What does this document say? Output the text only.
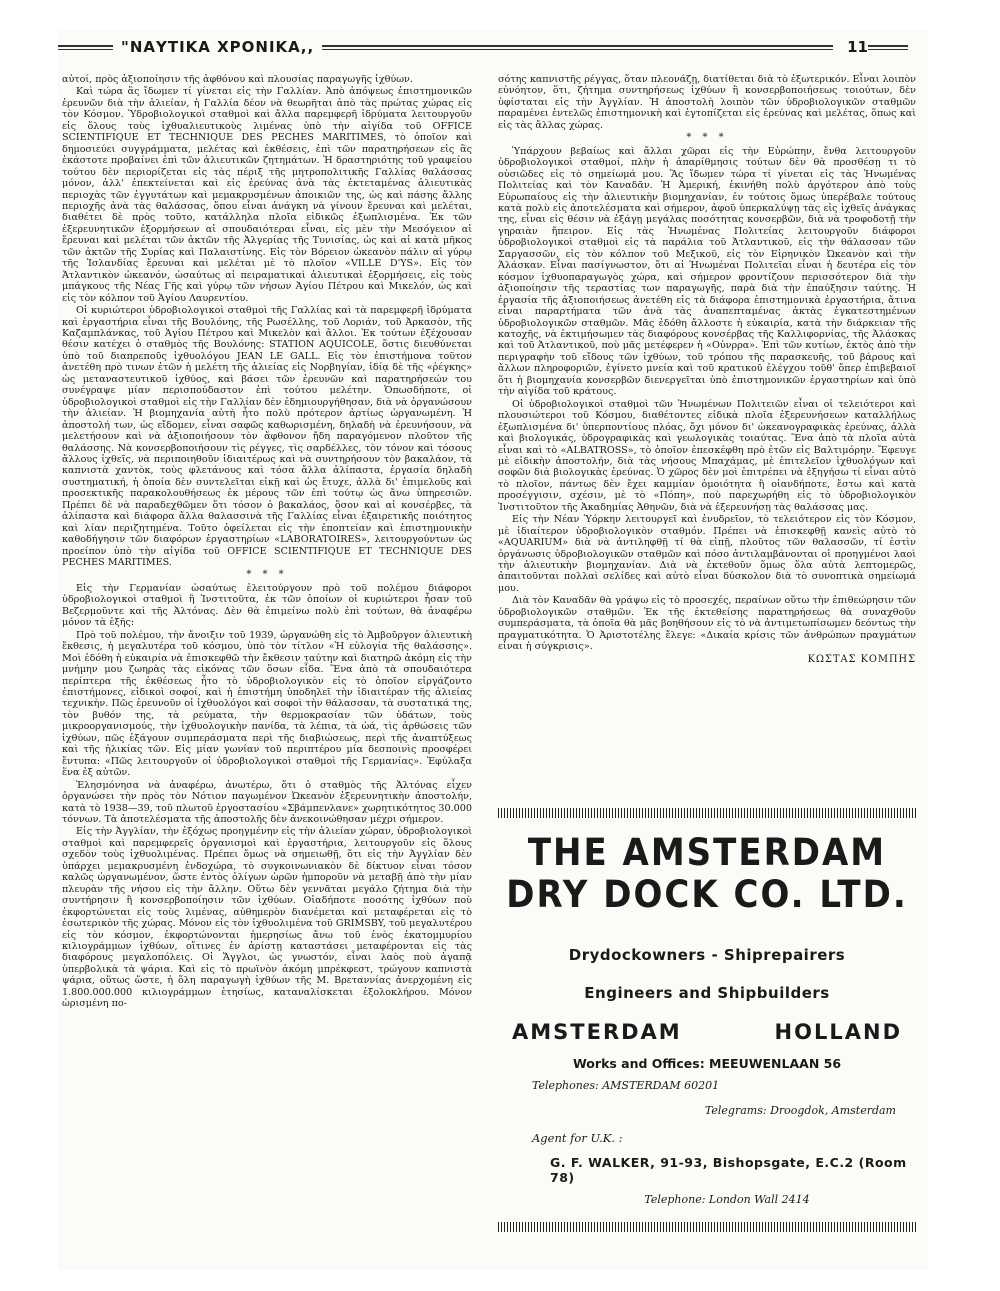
"ΝΑΥΤΙΚΑ ΧΡΟΝΙΚΑ,,	11

αὐτοί, πρὸς ἀξιοποίησιν τῆς ἀφθόνου καὶ πλουσίας παραγωγῆς ἰχθύων.

Καὶ τώρα ἂς ἴδωμεν τί γίνεται εἰς τὴν Γαλλίαν. Ἀπὸ ἀπόψεως ἐπιστημονικῶν ἐρευνῶν διὰ τὴν ἁλιείαν, ἡ Γαλλία δέον νὰ θεωρῆται ἀπὸ τὰς πρώτας χώρας εἰς τὸν Κόσμον. Ὑδροβιολογικοὶ σταθμοὶ καὶ ἄλλα παρεμφερῆ ἱδρύματα λειτουργοῦν εἰς ὅλους τοὺς ἰχθυαλιευτικοὺς λιμένας ὑπὸ τὴν αἰγίδα τοῦ OFFICE SCIENTIFIQUE ET TECHNIQUE DES PECHES MARITIMES, τὸ ὁποῖον καὶ δημοσιεύει συγγράμματα, μελέτας καὶ ἐκθέσεις, ἐπὶ τῶν παρατηρήσεων εἰς ἃς ἑκάστοτε προβαίνει ἐπὶ τῶν ἁλιευτικῶν ζητημάτων. Ἡ δραστηριότης τοῦ γραφείου τούτου δὲν περιορίζεται εἰς τὰς πέριξ τῆς μητροπολιτικῆς Γαλλίας θαλάσσας μόνον, ἀλλ' ἐπεκτείνεται καὶ εἰς ἐρεύνας ἀνὰ τὰς ἐκτεταμένας ἁλιευτικὰς περιοχὰς τῶν ἐγγυτάτων καὶ μεμακρυσμένων ἀποικιῶν της, ὡς καὶ πάσης ἄλλης περιοχῆς ἀνὰ τὰς θαλάσσας, ὅπου εἶναι ἀνάγκη νὰ γίνουν ἔρευναι καὶ μελέται, διαθέτει δὲ πρὸς τοῦτο, κατάλληλα πλοῖα εἰδικῶς ἐξωπλισμένα. Ἐκ τῶν ἐξερευνητικῶν ἐξορμήσεων αἱ σπουδαιότεραι εἶναι, εἰς μὲν τὴν Μεσόγειον αἱ ἔρευναι καὶ μελέται τῶν ἀκτῶν τῆς Ἀλγερίας τῆς Τυνισίας, ὡς καὶ αἱ κατὰ μῆκος τῶν ἀκτῶν τῆς Συρίας καὶ Παλαιστίνης. Εἰς τὸν Βόρειον ὠκεανὸν πάλιν αἱ γύρῳ τῆς Ἰσλανδίας ἔρευναι καὶ μελέται μὲ τὸ πλοῖον «VILLE D'YS». Εἰς τὸν Ἀτλαντικὸν ὠκεανόν, ὡσαύτως αἱ πειραματικαὶ ἁλιευτικαὶ ἐξορμήσεις, εἰς τοὺς μπάγκους τῆς Νέας Γῆς καὶ γύρῳ τῶν νήσων Ἁγίου Πέτρου καὶ Μικελόν, ὡς καὶ εἰς τὸν κόλπον τοῦ Ἁγίου Λαυρεντίου.

Οἱ κυριώτεροι ὑδροβιολογικοὶ σταθμοὶ τῆς Γαλλίας καὶ τὰ παρεμφερῆ ἱδρύματα καὶ ἐργαστήρια εἶναι τῆς Βουλόνης, τῆς Ρωσέλλης, τοῦ Λοριάν, τοῦ Ἀρκασὸν, τῆς Καζαμπλάνκας, τοῦ Ἁγίου Πέτρου καὶ Μικελὸν καὶ ἄλλοι. Ἐκ τούτων ἐξέχουσαν θέσιν κατέχει ὁ σταθμὸς τῆς Βουλόνης: STATION AQUICOLE, ὅστις διευθύνεται ὑπὸ τοῦ διαπρεποῦς ἰχθυολόγου JEAN LE GALL. Εἰς τὸν ἐπιστήμονα τοῦτον ἀνετέθη πρὸ τινων ἐτῶν ἡ μελέτη τῆς ἁλιείας εἰς Νορβηγίαν, ἰδίᾳ δὲ τῆς «ῥέγκης» ὡς μεταναστευτικοῦ ἰχθύος, καὶ βάσει τῶν ἐρευνῶν καὶ παρατηρήσεών του συνέγραψε μίαν περισπούδαστον ἐπὶ τούτου μελέτην. Ὁπωσδήποτε, οἱ ὑδροβιολογικοὶ σταθμοὶ εἰς τὴν Γαλλίαν δὲν ἐδημιουργήθησαν, διὰ νὰ ὀργανώσουν τὴν ἁλιείαν. Ἡ βιομηχανία αὐτὴ ἦτο πολὺ πρότερον ἀρτίως ὠργανωμένη. Ἡ ἀποστολή των, ὡς εἴδομεν, εἶναι σαφῶς καθωρισμένη, δηλαδὴ νὰ ἐρευνήσουν, νὰ μελετήσουν καὶ νὰ ἀξιοποιήσουν τὸν ἄφθονον ἤδη παραγόμενον πλοῦτον τῆς θαλάσσης. Νὰ κονσερβοποιήσουν τὶς ρέγγες, τὶς σαρδέλλες, τὸν τόνον καὶ τόσους ἄλλους ἰχθεῖς, νὰ περιποιηθοῦν ἰδιαιτέρως καὶ νὰ συντηρήσουν τὸν βακαλάον, τὰ καπνιστὰ χαντὸκ, τοὺς φλετάνους καὶ τόσα ἄλλα ἁλίπαστα, ἐργασία δηλαδὴ συστηματική, ἡ ὁποία δὲν συντελεῖται εἰκῇ καὶ ὡς ἔτυχε, ἀλλὰ δι' ἐπιμελοῦς καὶ προσεκτικῆς παρακολουθήσεως ἐκ μέρους τῶν ἐπὶ τούτῳ ὡς ἄνω ὑπηρεσιῶν. Πρέπει δὲ νὰ παραδεχθῶμεν ὅτι τόσον ὁ βακαλάος, ὅσον καὶ αἱ κονσέρβες, τὰ ἁλίπαστα καὶ διάφορα ἄλλα θαλασσινὰ τῆς Γαλλίας εἶναι ἐξαιρετικῆς ποιότητος καὶ λίαν περιζητημένα. Τοῦτο ὀφείλεται εἰς τὴν ἐποπτείαν καὶ ἐπιστημονικὴν καθοδήγησιν τῶν διαφόρων ἐργαστηρίων «LABORATOIRES», λειτουργούντων ὡς προείπον ὑπὸ τὴν αἰγίδα τοῦ OFFICE SCIENTIFIQUE ET TECHNIQUE DES PECHES MARITIMES.

* * *

Εἰς τὴν Γερμανίαν ὡσαύτως ἐλειτούργουν πρὸ τοῦ πολέμου διάφοροι ὑδροβιολογικοὶ σταθμοὶ ἢ Ἰνστιτοῦτα, ἐκ τῶν ὁποίων οἱ κυριώτεροι ἦσαν τοῦ Βεζερμοῦντε καὶ τῆς Ἀλτόνας. Δὲν θὰ ἐπιμείνω πολὺ ἐπὶ τούτων, θὰ ἀναφέρω μόνον τὰ ἑξῆς:

Πρὸ τοῦ πολέμου, τὴν ἄνοιξιν τοῦ 1939, ὠργανώθη εἰς τὸ Ἀμβοῦργον ἁλιευτικὴ ἔκθεσις, ἡ μεγαλυτέρα τοῦ κόσμου, ὑπὸ τὸν τίτλον «Ἡ εὐλογία τῆς θαλάσσης». Μοὶ ἐδόθη ἡ εὐκαιρία νὰ ἐπισκεφθῶ τὴν ἔκθεσιν ταύτην καὶ διατηρῶ ἀκόμη εἰς τὴν μνήμην μου ζωηρὰς τὰς εἰκόνας τῶν ὅσων εἶδα. Ἕνα ἀπὸ τὰ σπουδαιότερα περίπτερα τῆς ἐκθέσεως ἦτο τὸ ὑδροβιολογικὸν εἰς τὸ ὁποῖον εἰργάζοντο ἐπιστήμονες, εἰδικοὶ σοφοί, καὶ ἡ ἐπιστήμη ὑποδηλεῖ τὴν ἰδιαιτέραν τῆς ἁλιείας τεχνικὴν. Πῶς ἐρευνοῦν οἱ ἰχθυολόγοι καὶ σοφοὶ τὴν θάλασσαν, τὰ συστατικά της, τὸν βυθόν της, τὰ ρεύματα, τὴν θερμοκρασίαν τῶν ὑδάτων, τοὺς μικροοργανισμούς, τὴν ἰχθυολογικὴν πανίδα, τὰ λέπια, τὰ ὠά, τὶς ἀρθώσεις τῶν ἰχθύων, πῶς ἐξάγουν συμπεράσματα περὶ τῆς διαβιώσεως, περὶ τῆς ἀναπτύξεως καὶ τῆς ἡλικίας τῶν. Εἰς μίαν γωνίαν τοῦ περιπτέρου μία δεσποινὶς προσφέρει ἔντυπα: «Πῶς λειτουργοῦν οἱ ὑδροβιολογικοὶ σταθμοὶ τῆς Γερμανίας». Ἐφύλαξα ἕνα ἐξ αὐτῶν.

Ἐλησμόνησα νὰ ἀναφέρω, ἀνωτέρω, ὅτι ὁ σταθμὸς τῆς Ἀλτόνας εἶχεν ὀργανώσει τὴν πρὸς τὸν Νότιον παγωμένον Ὠκεανὸν ἐξερευνητικὴν ἀποστολήν, κατὰ τὸ 1938—39, τοῦ πλωτοῦ ἐργοστασίου «Σβάμπενλανε» χωρητικότητος 30.000 τόννων. Τὰ ἀποτελέσματα τῆς ἀποστολῆς δὲν ἀνεκοινώθησαν μέχρι σήμερον.

Εἰς τὴν Ἀγγλίαν, τὴν ἐξόχως προηγμένην εἰς τὴν ἁλιείαν χώραν, ὑδροβιολογικοὶ σταθμοὶ καὶ παρεμφερεῖς ὀργανισμοὶ καὶ ἐργαστήρια, λειτουργοῦν εἰς ὅλους σχεδὸν τοὺς ἰχθυολιμένας. Πρέπει ὅμως νὰ σημειωθῇ, ὅτι εἰς τὴν Ἀγγλίαν δὲν ὑπάρχει μεμακρυσμένη ἐνδοχώρα, τὸ συγκοινωνιακὸν δὲ δίκτυον εἶναι τόσον καλῶς ὠργανωμένον, ὥστε ἐντὸς ὀλίγων ὡρῶν ἠμποροῦν νὰ μεταβῇ ἀπὸ τὴν μίαν πλευρὰν τῆς νήσου εἰς τὴν ἄλλην. Οὕτω δὲν γεννᾶται μεγάλο ζήτημα διὰ τὴν συντήρησιν ἢ κονσερβοποίησιν τῶν ἰχθύων. Οἱαδήποτε ποσότης ἰχθύων ποὺ ἐκφορτώνεται εἰς τοὺς λιμένας, αὐθημερὸν διανέμεται καὶ μεταφέρεται εἰς τὸ ἐσωτερικὸν τῆς χώρας. Μόνον εἰς τὸν ἰχθυολιμένα τοῦ GRIMSBY, τοῦ μεγαλυτέρου εἰς τὸν κόσμον, ἐκφορτώνονται ἡμερησίως ἄνω τοῦ ἑνὸς ἑκατομμυρίου κιλιογράμμων ἰχθύων, οἵτινες ἐν ἀρίστῃ καταστάσει μεταφέρονται εἰς τὰς διαφόρους μεγαλοπόλεις. Οἱ Ἄγγλοι, ὡς γνωστόν, εἶναι λαὸς ποὺ ἀγαπᾷ ὑπερβολικὰ τὰ ψάρια. Καὶ εἰς τὸ πρωϊνὸν ἀκόμη μπρέκφεστ, τρώγουν καπνιστὰ ψάρια, οὕτως ὥστε, ἡ ὅλη παραγωγὴ ἰχθύων τῆς Μ. Βρεταννίας ἀνερχομένη εἰς 1.800.000.000 κιλιογράμμων ἐτησίως, καταναλίσκεται ἐξολοκλήρου. Μόνον ὡρισμένη πο-

σότης καπνιστῆς ρέγγας, ὅταν πλεονάζῃ, διατίθεται διὰ τὸ ἐξωτερικόν. Εἶναι λοιπὸν εὐνόητον, ὅτι, ζήτημα συντηρήσεως ἰχθύων ἢ κονσερβοποιήσεως τοιούτων, δὲν ὑφίσταται εἰς τὴν Ἀγγλίαν. Ἡ ἀποστολὴ λοιπὸν τῶν ὑδροβιολογικῶν σταθμῶν παραμένει ἐντελῶς ἐπιστημονικὴ καὶ ἐγτοπίζεται εἰς ἐρεύνας καὶ μελέτας, ὅπως καὶ εἰς τὰς ἄλλας χώρας.

* * *

Ὑπάρχουν βεβαίως καὶ ἄλλαι χῶραι εἰς τὴν Εὐρώπην, ἔνθα λειτουργοῦν ὑδροβιολογικοὶ σταθμοί, πλὴν ἡ ἀπαρίθμησις τούτων δὲν θὰ προσθέσῃ τι τὸ οὐσιῶδες εἰς τὸ σημείωμά μου. Ἂς ἴδωμεν τώρα τί γίνεται εἰς τὰς Ἡνωμένας Πολιτείας καὶ τὸν Καναδᾶν. Ἡ Ἀμερική, ἐκινήθη πολὺ ἀργότερον ἀπὸ τοὺς Εὐρωπαίους εἰς τὴν ἁλιευτικὴν βιομηχανίαν, ἐν τούτοις ὅμως ὑπερέβαλε τούτους κατὰ πολὺ εἰς ἀποτελέσματα καὶ σήμερον, ἀφοῦ ὑπερκαλύψῃ τὰς εἰς ἰχθεῖς ἀνάγκας της, εἶναι εἰς θέσιν νὰ ἐξάγῃ μεγάλας ποσότητας κονσερβῶν, διὰ νὰ τροφοδοτῇ τὴν γηραιὰν ἤπειρον. Εἰς τὰς Ἡνωμένας Πολιτείας λειτουργοῦν διάφοροι ὑδροβιολογικοὶ σταθμοὶ εἰς τὰ παράλια τοῦ Ἀτλαντικοῦ, εἰς τὴν θάλασσαν τῶν Σαργασσῶν, εἰς τὸν κόλπον τοῦ Μεξικοῦ, εἰς τὸν Εἰρηνικὸν Ὠκεανὸν καὶ τὴν Ἀλάσκαν. Εἶναι πασίγνωστον, ὅτι αἱ Ἡνωμέναι Πολιτεῖαι εἶναι ἡ δευτέρα εἰς τὸν κόσμον ἰχθυοπαραγωγὸς χώρα, καὶ σήμερον φροντίζουν περισσότερον διὰ τὴν ἀξιοποίησιν τῆς τεραστίας των παραγωγῆς, παρὰ διὰ τὴν ἐπαύξησιν ταύτης. Ἡ ἐργασία τῆς ἀξιοποιήσεως ἀνετέθη εἰς τὰ διάφορα ἐπιστημονικὰ ἐργαστήρια, ἅτινα εἶναι παραρτήματα τῶν ἀνὰ τὰς ἀναπεπταμένας ἀκτὰς ἐγκατεστημένων ὑδροβιολογικῶν σταθμῶν. Μᾶς ἐδόθη ἄλλοστε ἡ εὐκαιρία, κατὰ τὴν διάρκειαν τῆς κατοχῆς, νὰ ἐκτιμήσωμεν τὰς διαφόρους κονσέρβας τῆς Καλλιφορνίας, τῆς Ἀλάσκας καὶ τοῦ Ἀτλαντικοῦ, ποὺ μᾶς μετέφερεν ἡ «Οὐνρρα». Ἐπὶ τῶν κυτίων, ἐκτὸς ἀπὸ τὴν περιγραφὴν τοῦ εἴδους τῶν ἰχθύων, τοῦ τρόπου τῆς παρασκευῆς, τοῦ βάρους καὶ ἄλλων πληροφοριῶν, ἐγίνετο μνεία καὶ τοῦ κρατικοῦ ἐλέγχου τοῦθ' ὅπερ ἐπιβεβαιοῖ ὅτι ἡ βιομηχανία κονσερβῶν διενεργεῖται ὑπὸ ἐπιστημονικῶν ἐργαστηρίων καὶ ὑπὸ τὴν αἰγίδα τοῦ κράτους.

Οἱ ὑδροβιολογικοὶ σταθμοὶ τῶν Ἡνωμένων Πολιτειῶν εἶναι οἱ τελειότεροι καὶ πλουσιώτεροι τοῦ Κόσμου, διαθέτοντες εἰδικὰ πλοῖα ἐξερευνήσεων καταλλήλως ἐξωπλισμένα δι' ὑπερποντίους πλόας, ὄχι μόνον δι' ὠκεανογραφικὰς ἐρεύνας, ἀλλὰ καὶ βιολογικάς, ὑδρογραφικὰς καὶ γεωλογικὰς τοιαύτας. Ἕνα ἀπὸ τὰ πλοῖα αὐτὰ εἶναι καὶ τὸ «ALBATROSS», τὸ ὁποῖον ἐπεσκέφθη πρὸ ἐτῶν εἰς Βαλτιμόρην. Ἔφευγε μὲ εἰδικὴν ἀποστολήν, διὰ τὰς νήσους Μπαχάμας, μὲ ἐπιτελεῖον ἰχθυολόγων καὶ σοφῶν διὰ βιολογικὰς ἐρεύνας. Ὁ χῶρος δὲν μοὶ ἐπιτρέπει νὰ ἐξηγήσω τί εἶναι αὐτὸ τὸ πλοῖον, πάντως δὲν ἔχει καμμίαν ὁμοιότητα ἢ οἱανδήποτε, ἔστω καὶ κατὰ προσέγγισιν, σχέσιν, μὲ τὸ «Πόπη», ποὺ παρεχωρήθη εἰς τὸ ὑδροβιολογικὸν Ἰνστιτοῦτον τῆς Ἀκαδημίας Ἀθηνῶν, διὰ νὰ ἐξερευνήσῃ τὰς θαλάσσας μας.

Εἰς τὴν Νέαν Ὑόρκην λειτουργεῖ καὶ ἐνυδρεῖον, τὸ τελειότερον εἰς τὸν Κόσμον, μὲ ἰδιαίτερον ὑδροβιολογικὸν σταθμόν. Πρέπει νὰ ἐπισκεφθῇ κανεὶς αὐτὸ τὸ «AQUARIUM» διὰ νὰ ἀντιληφθῇ τί θὰ εἰπῇ, πλοῦτος τῶν θαλασσῶν, τί ἐστὶν ὀργάνωσις ὑδροβιολογικῶν σταθμῶν καὶ πόσο ἀντιλαμβάνονται οἱ προηγμένοι λαοὶ τὴν ἁλιευτικὴν βιομηχανίαν. Διὰ νὰ ἐκτεθοῦν ὅμως ὅλα αὐτὰ λεπτομερῶς, ἀπαιτοῦνται πολλαὶ σελίδες καὶ αὐτὸ εἶναι δύσκολον διὰ τὸ συνοπτικὰ σημείωμά μου.

Διὰ τὸν Καναδᾶν θὰ γράψω εἰς τὸ προσεχές, περαίνων οὕτω τὴν ἐπιθεώρησιν τῶν ὑδροβιολογικῶν σταθμῶν. Ἐκ τῆς ἐκτεθείσης παρατηρήσεως θὰ συναχθοῦν συμπεράσματα, τὰ ὁποῖα θὰ μᾶς βοηθήσουν εἰς τὸ νὰ ἀντιμετωπίσωμεν δεόντως τὴν πραγματικότητα. Ὁ Ἀριστοτέλης ἔλεγε: «Δικαία κρίσις τῶν ἀνθρώπων πραγμάτων εἶναι ἡ σύγκρισις».

ΚΩΣΤΑΣ ΚΟΜΠΗΣ

THE AMSTERDAM
DRY DOCK CO. LTD.
Drydockowners - Shiprepairers
Engineers and Shipbuilders
AMSTERDAM	HOLLAND
Works and Offices: MEEUWENLAAN 56
Telephones: AMSTERDAM 60201
Telegrams: Droogdok, Amsterdam
Agent for U.K. :
G. F. WALKER, 91-93, Bishopsgate, E.C.2 (Room 78)
Telephone: London Wall 2414
